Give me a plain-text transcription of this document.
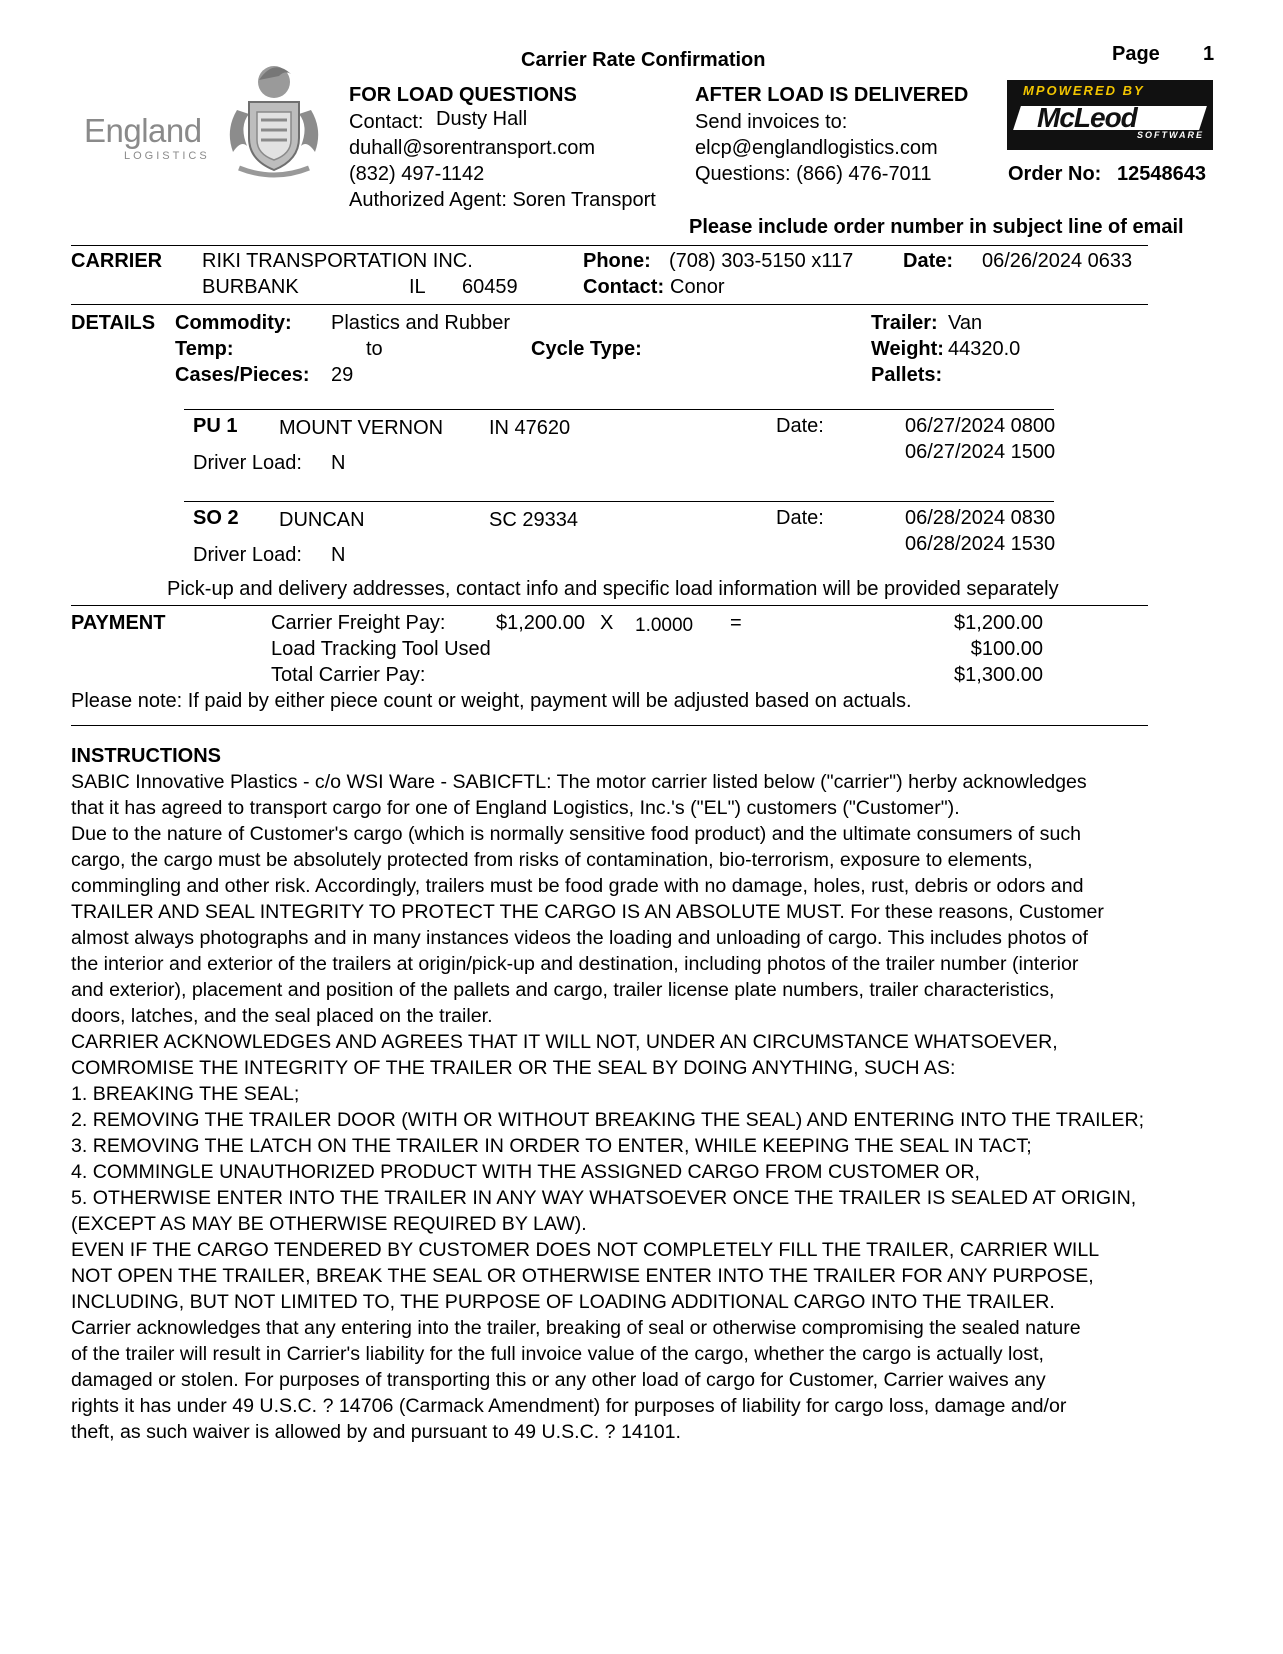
Carrier Rate Confirmation	Page 1
England
LOGISTICS
FOR LOAD QUESTIONS
Contact: Dusty Hall
duhall@sorentransport.com
(832) 497-1142
Authorized Agent: Soren Transport
AFTER LOAD IS DELIVERED
Send invoices to:
elcp@englandlogistics.com
Questions: (866) 476-7011
MPOWERED BY
McLeod
SOFTWARE
Order No: 12548643
Please include order number in subject line of email
CARRIER RIKI TRANSPORTATION INC.
BURBANK	IL 60459
Phone: (708) 303-5150 x117
Contact: Conor
Date: 06/26/2024 0633
DETAILS Commodity: Plastics and Rubber
Temp:	to	Cycle Type:
Cases/Pieces: 29
Trailer: Van
Weight: 44320.0
Pallets:
PU 1 MOUNT VERNON IN 47620	Date:	06/27/2024 0800
06/27/2024 1500
Driver Load: N
SO 2 DUNCAN	SC 29334	Date:	06/28/2024 0830
06/28/2024 1530
Driver Load: N
Pick-up and delivery addresses, contact info and specific load information will be provided separately
PAYMENT	Carrier Freight Pay:	$1,200.00 X 1.0000 =	$1,200.00
Load Tracking Tool Used	$100.00
Total Carrier Pay:	$1,300.00
Please note: If paid by either piece count or weight, payment will be adjusted based on actuals.
INSTRUCTIONS
SABIC Innovative Plastics - c/o WSI Ware - SABICFTL: The motor carrier listed below ("carrier") herby acknowledges
that it has agreed to transport cargo for one of England Logistics, Inc.'s ("EL") customers ("Customer").
Due to the nature of Customer's cargo (which is normally sensitive food product) and the ultimate consumers of such
cargo, the cargo must be absolutely protected from risks of contamination, bio-terrorism, exposure to elements,
commingling and other risk. Accordingly, trailers must be food grade with no damage, holes, rust, debris or odors and
TRAILER AND SEAL INTEGRITY TO PROTECT THE CARGO IS AN ABSOLUTE MUST. For these reasons, Customer
almost always photographs and in many instances videos the loading and unloading of cargo. This includes photos of
the interior and exterior of the trailers at origin/pick-up and destination, including photos of the trailer number (interior
and exterior), placement and position of the pallets and cargo, trailer license plate numbers, trailer characteristics,
doors, latches, and the seal placed on the trailer.
CARRIER ACKNOWLEDGES AND AGREES THAT IT WILL NOT, UNDER AN CIRCUMSTANCE WHATSOEVER,
COMROMISE THE INTEGRITY OF THE TRAILER OR THE SEAL BY DOING ANYTHING, SUCH AS:
1. BREAKING THE SEAL;
2. REMOVING THE TRAILER DOOR (WITH OR WITHOUT BREAKING THE SEAL) AND ENTERING INTO THE TRAILER;
3. REMOVING THE LATCH ON THE TRAILER IN ORDER TO ENTER, WHILE KEEPING THE SEAL IN TACT;
4. COMMINGLE UNAUTHORIZED PRODUCT WITH THE ASSIGNED CARGO FROM CUSTOMER OR,
5. OTHERWISE ENTER INTO THE TRAILER IN ANY WAY WHATSOEVER ONCE THE TRAILER IS SEALED AT ORIGIN,
(EXCEPT AS MAY BE OTHERWISE REQUIRED BY LAW).
EVEN IF THE CARGO TENDERED BY CUSTOMER DOES NOT COMPLETELY FILL THE TRAILER, CARRIER WILL
NOT OPEN THE TRAILER, BREAK THE SEAL OR OTHERWISE ENTER INTO THE TRAILER FOR ANY PURPOSE,
INCLUDING, BUT NOT LIMITED TO, THE PURPOSE OF LOADING ADDITIONAL CARGO INTO THE TRAILER.
Carrier acknowledges that any entering into the trailer, breaking of seal or otherwise compromising the sealed nature
of the trailer will result in Carrier's liability for the full invoice value of the cargo, whether the cargo is actually lost,
damaged or stolen. For purposes of transporting this or any other load of cargo for Customer, Carrier waives any
rights it has under 49 U.S.C. ? 14706 (Carmack Amendment) for purposes of liability for cargo loss, damage and/or
theft, as such waiver is allowed by and pursuant to 49 U.S.C. ? 14101.
